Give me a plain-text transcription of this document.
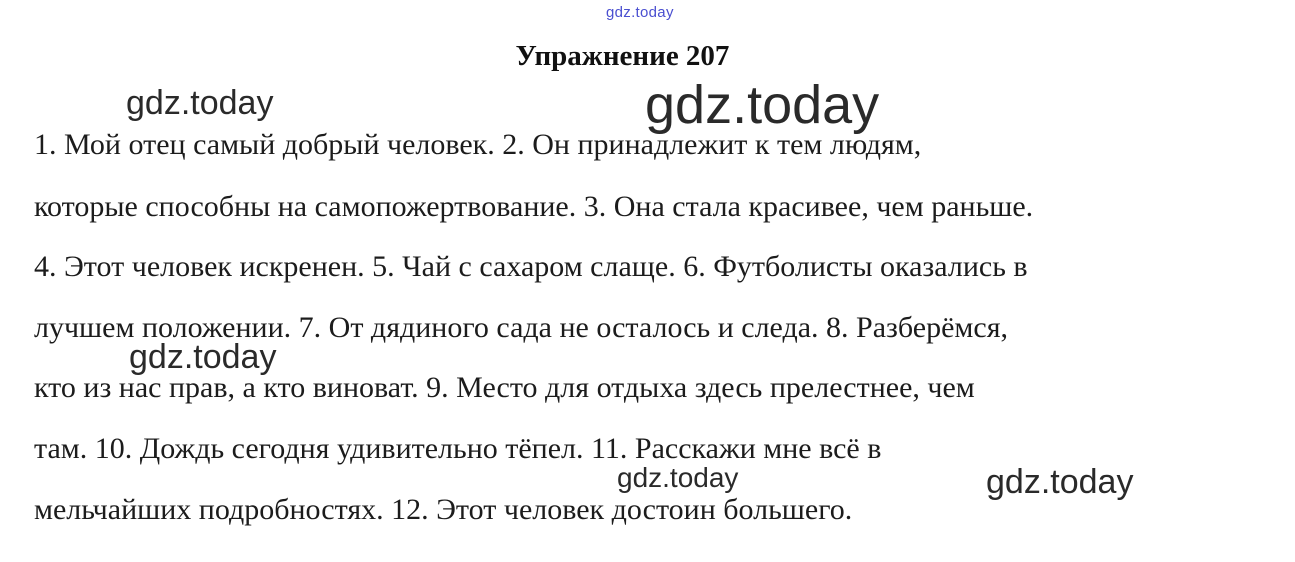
gdz.today
Упражнение 207
1. Мой отец самый добрый человек. 2. Он принадлежит к тем людям,
которые способны на самопожертвование. 3. Она стала красивее, чем раньше.
4. Этот человек искренен. 5. Чай с сахаром слаще. 6. Футболисты оказались в
лучшем положении. 7. От дядиного сада не осталось и следа. 8. Разберёмся,
кто из нас прав, а кто виноват. 9. Место для отдыха здесь прелестнее, чем
там. 10. Дождь сегодня удивительно тёпел. 11. Расскажи мне всё в
мельчайших подробностях. 12. Этот человек достоин большего.
gdz.today	gdz.today
gdz.today
gdz.today	gdz.today
